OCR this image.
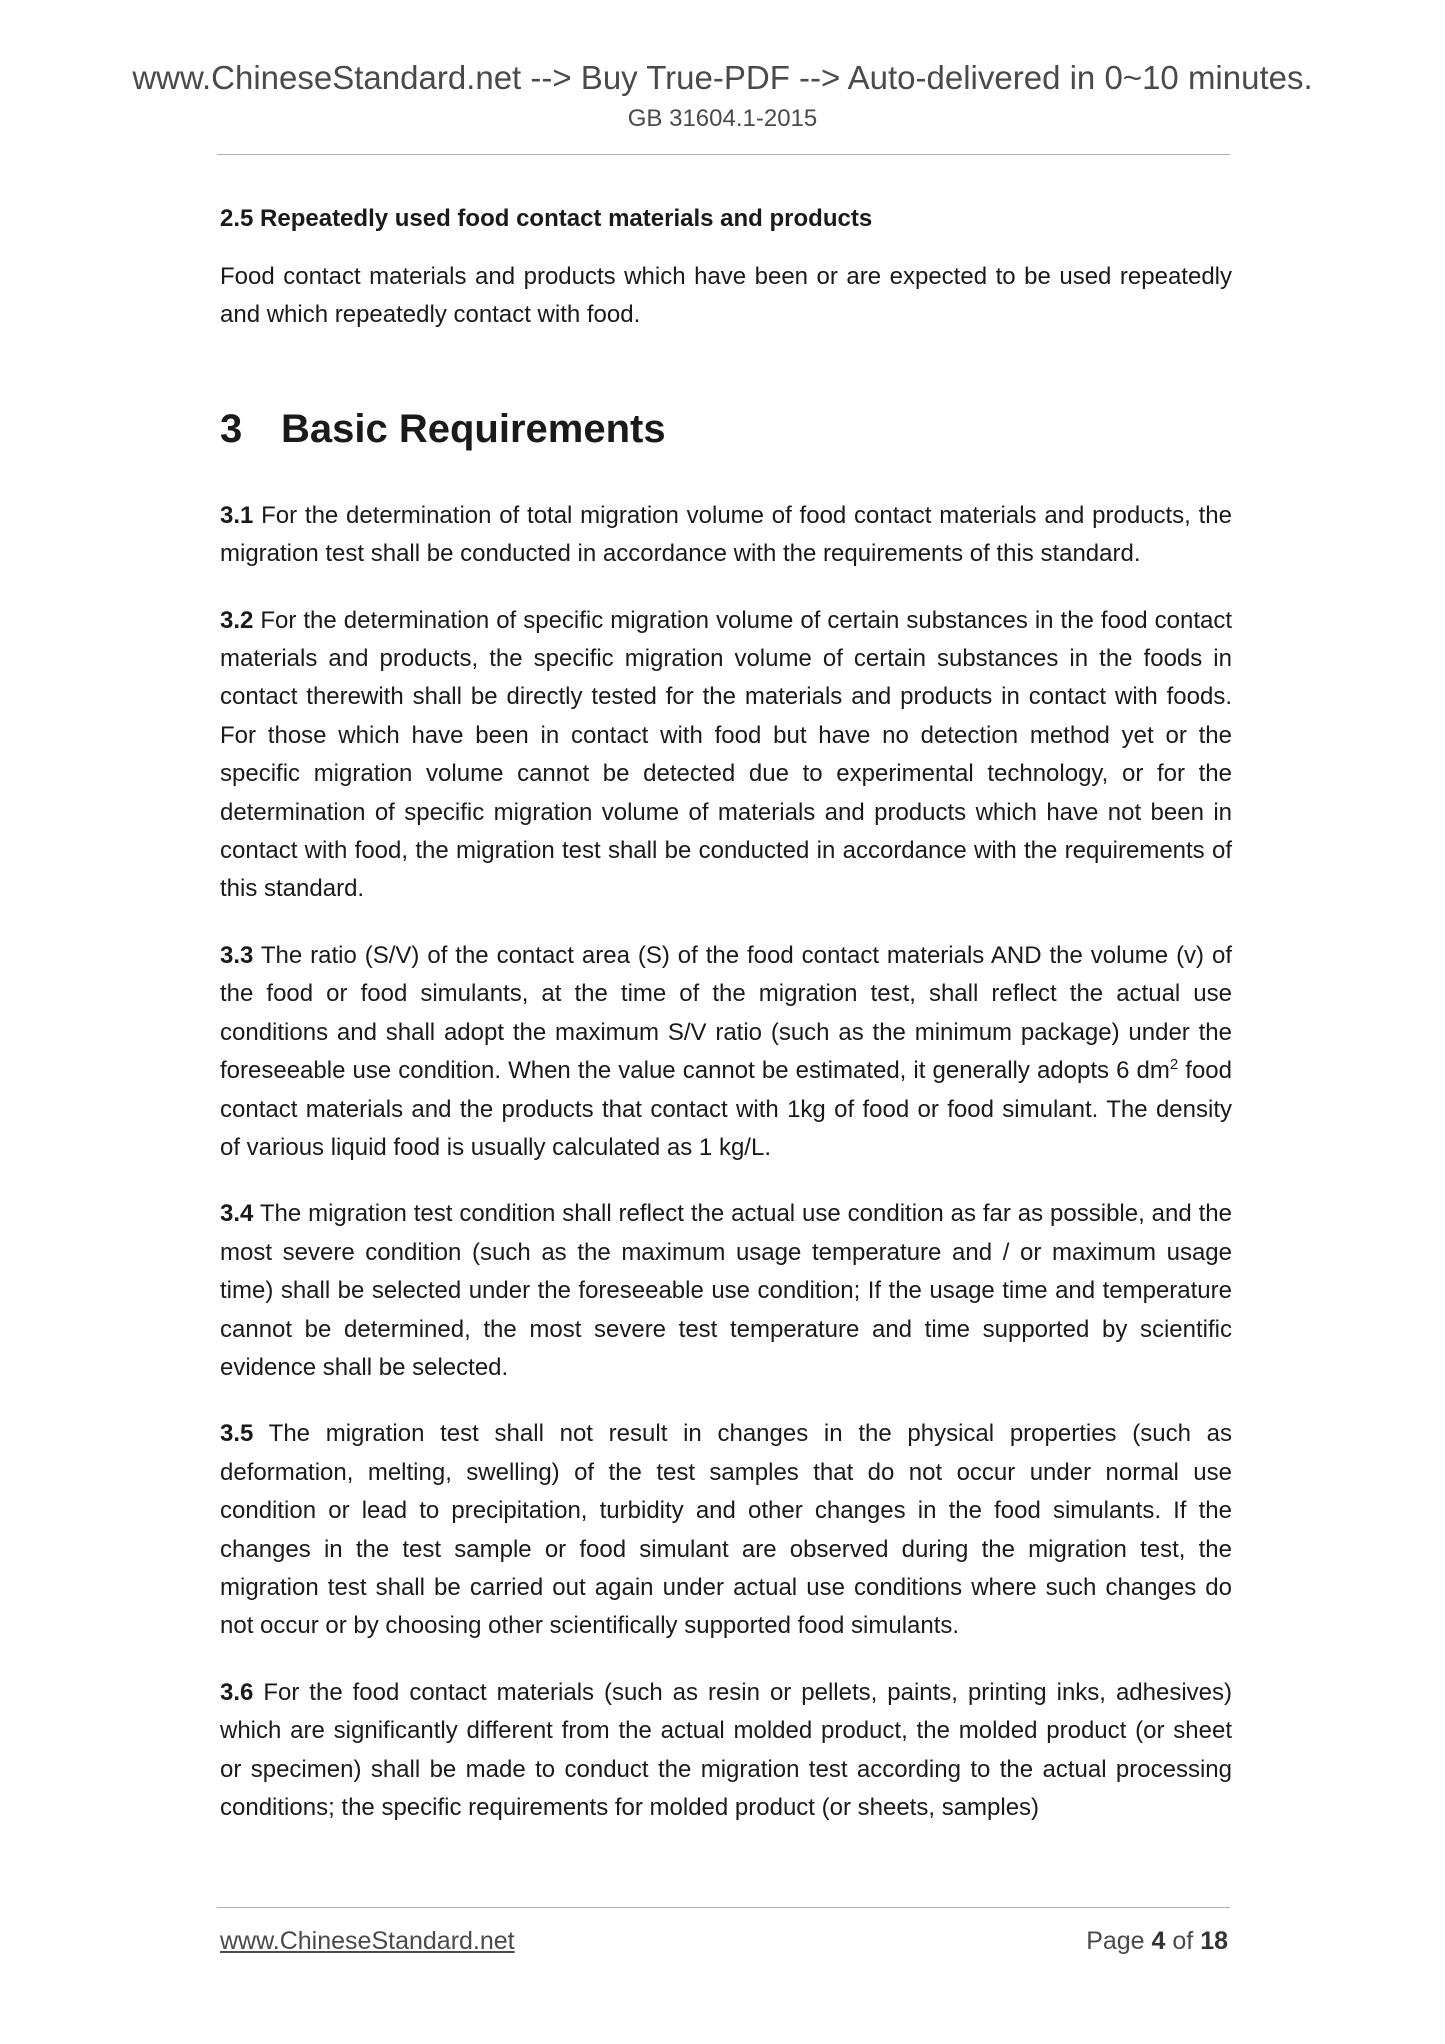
www.ChineseStandard.net --> Buy True-PDF --> Auto-delivered in 0~10 minutes.
GB 31604.1-2015
2.5 Repeatedly used food contact materials and products

Food contact materials and products which have been or are expected to be used repeatedly and which repeatedly contact with food.

3 Basic Requirements

3.1 For the determination of total migration volume of food contact materials and products, the migration test shall be conducted in accordance with the requirements of this standard.

3.2 For the determination of specific migration volume of certain substances in the food contact materials and products, the specific migration volume of certain substances in the foods in contact therewith shall be directly tested for the materials and products in contact with foods. For those which have been in contact with food but have no detection method yet or the specific migration volume cannot be detected due to experimental technology, or for the determination of specific migration volume of materials and products which have not been in contact with food, the migration test shall be conducted in accordance with the requirements of this standard.

3.3 The ratio (S/V) of the contact area (S) of the food contact materials AND the volume (v) of the food or food simulants, at the time of the migration test, shall reflect the actual use conditions and shall adopt the maximum S/V ratio (such as the minimum package) under the foreseeable use condition. When the value cannot be estimated, it generally adopts 6 $dm^2$ food contact materials and the products that contact with 1kg of food or food simulant. The density of various liquid food is usually calculated as 1 kg/L.

3.4 The migration test condition shall reflect the actual use condition as far as possible, and the most severe condition (such as the maximum usage temperature and / or maximum usage time) shall be selected under the foreseeable use condition; If the usage time and temperature cannot be determined, the most severe test temperature and time supported by scientific evidence shall be selected.

3.5 The migration test shall not result in changes in the physical properties (such as deformation, melting, swelling) of the test samples that do not occur under normal use condition or lead to precipitation, turbidity and other changes in the food simulants. If the changes in the test sample or food simulant are observed during the migration test, the migration test shall be carried out again under actual use conditions where such changes do not occur or by choosing other scientifically supported food simulants.

3.6 For the food contact materials (such as resin or pellets, paints, printing inks, adhesives) which are significantly different from the actual molded product, the molded product (or sheet or specimen) shall be made to conduct the migration test according to the actual processing conditions; the specific requirements for molded product (or sheets, samples)

www.ChineseStandard.net	Page 4 of 18
